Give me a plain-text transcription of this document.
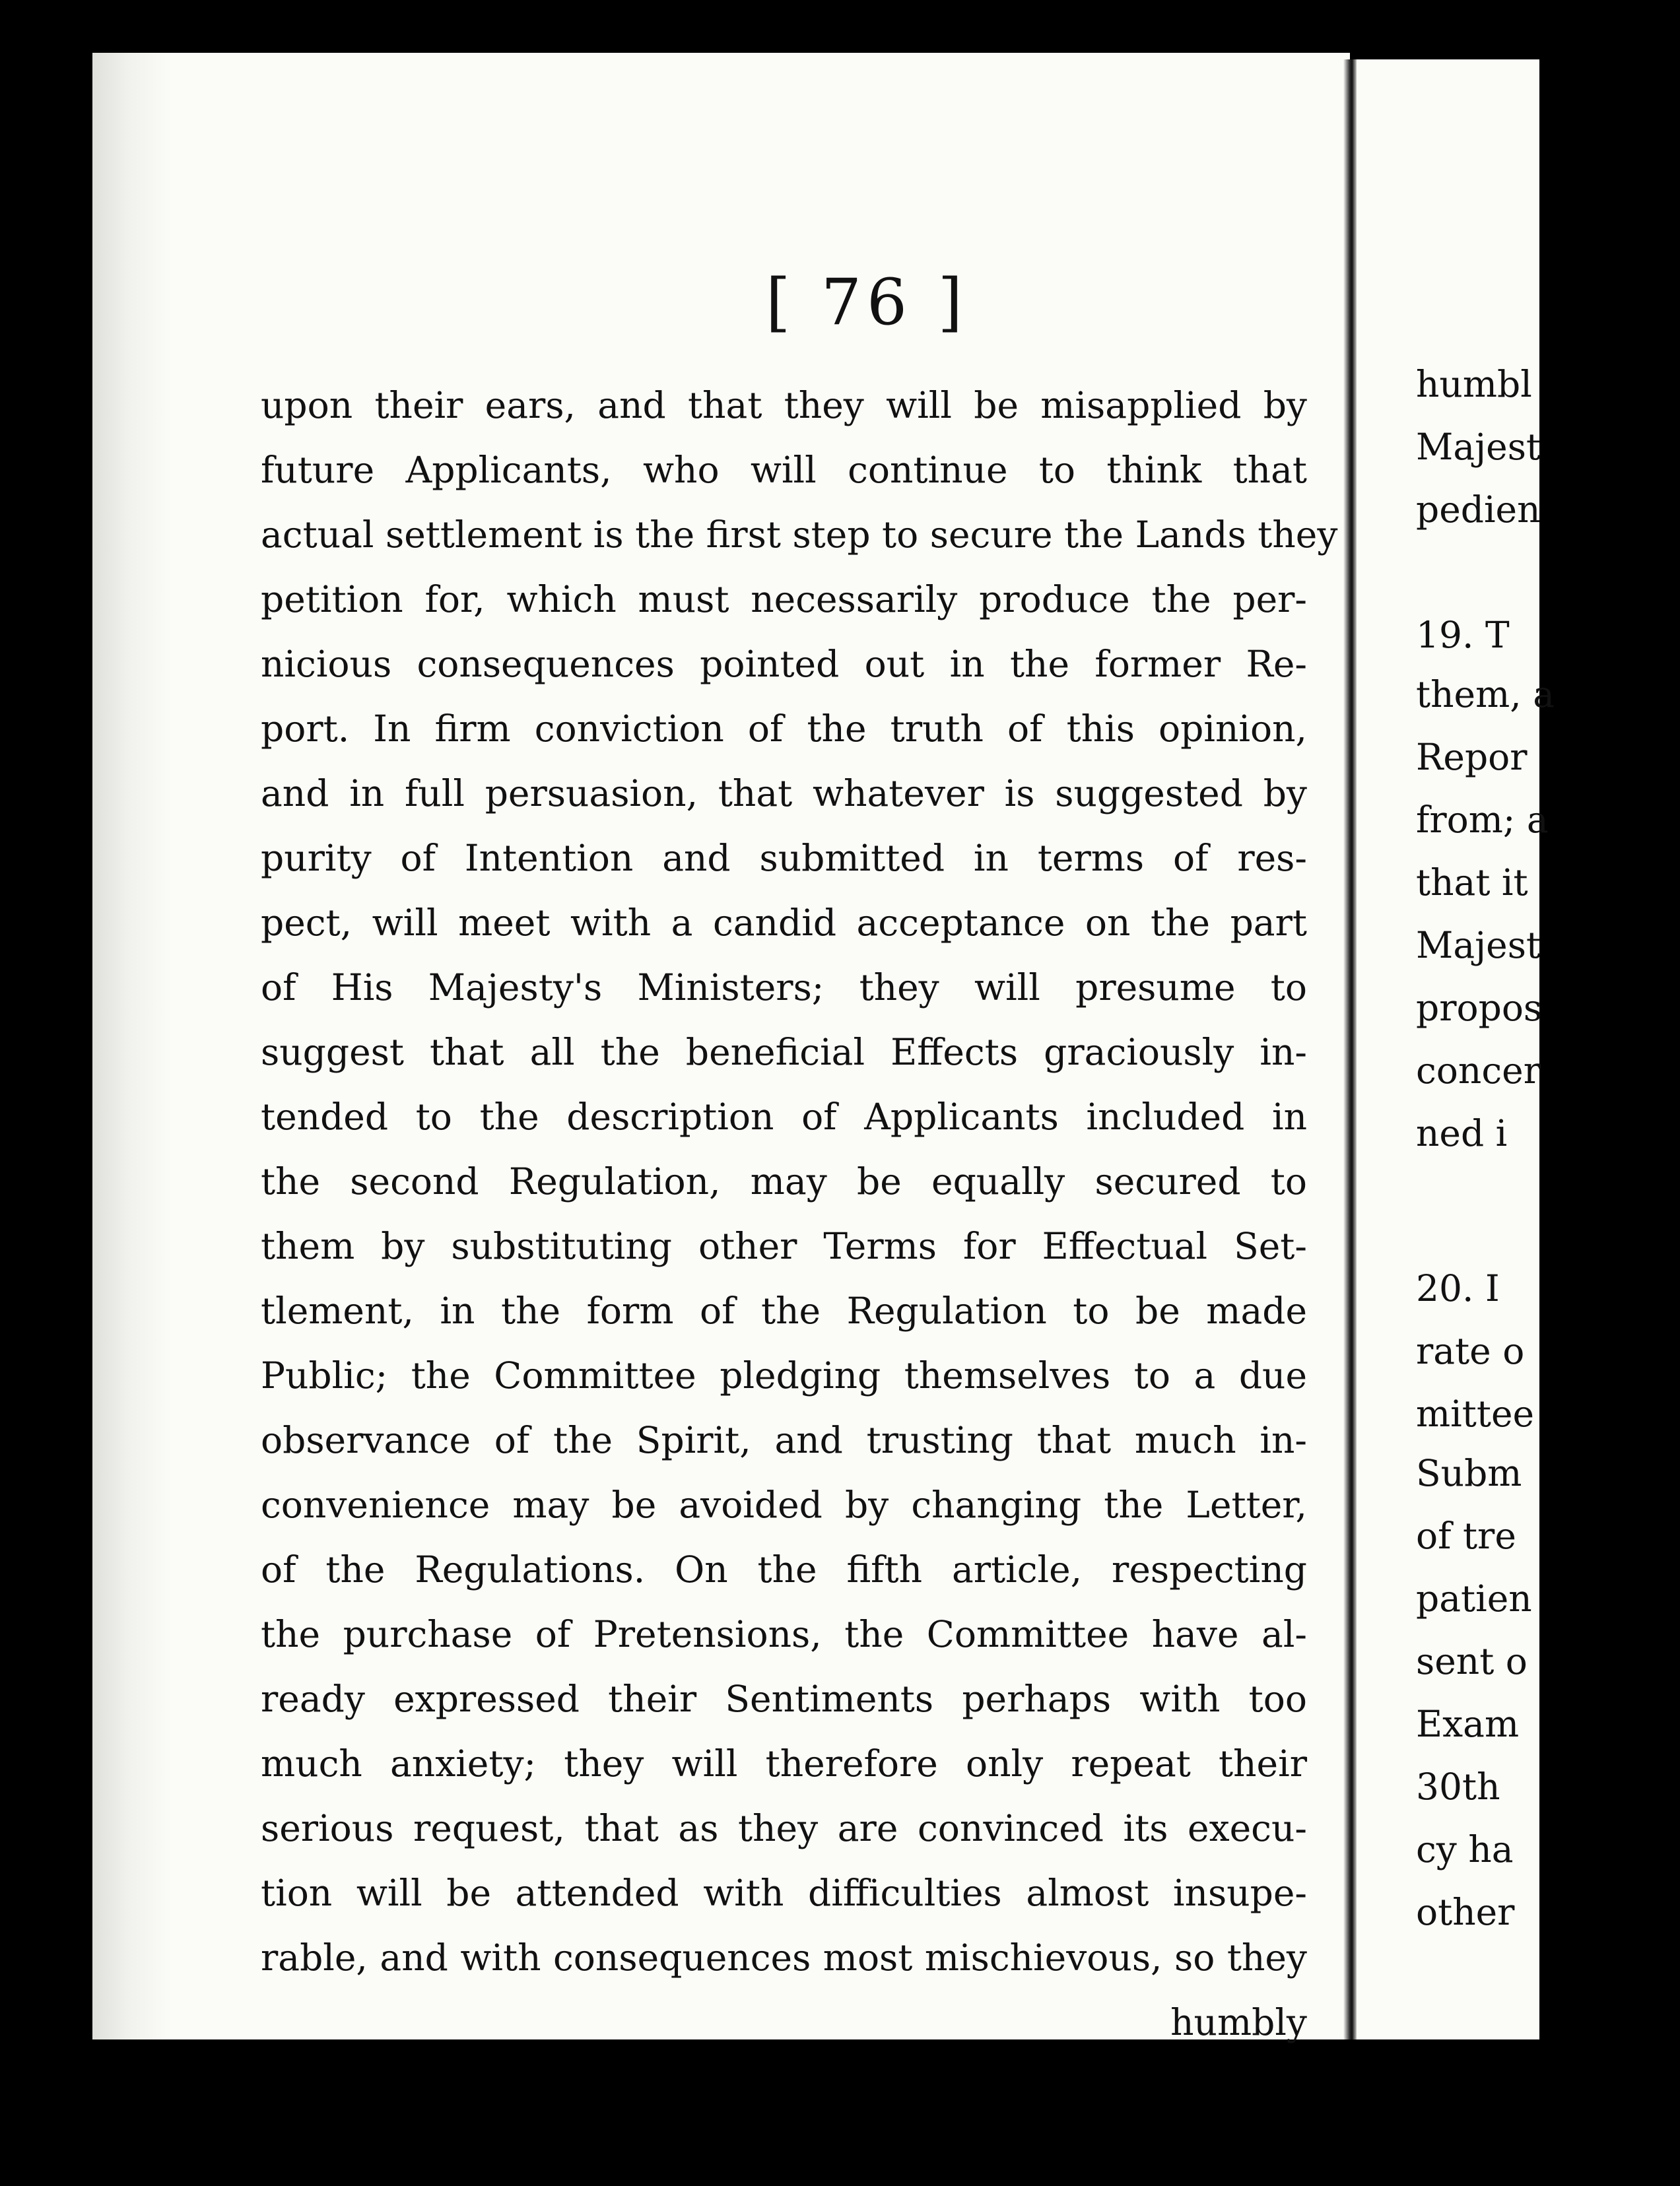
[ 76 ]
upon their ears, and that they will be misapplied by
future Applicants, who will continue to think that
actual settlement is the first step to secure the Lands they
petition for, which must necessarily produce the per-
nicious consequences pointed out in the former Re-
port. In firm conviction of the truth of this opinion,
and in full persuasion, that whatever is suggested by
purity of Intention and submitted in terms of res-
pect, will meet with a candid acceptance on the part
of His Majesty's Ministers; they will presume to
suggest that all the beneficial Effects graciously in-
tended to the description of Applicants included in
the second Regulation, may be equally secured to
them by substituting other Terms for Effectual Set-
tlement, in the form of the Regulation to be made
Public; the Committee pledging themselves to a due
observance of the Spirit, and trusting that much in-
convenience may be avoided by changing the Letter,
of the Regulations. On the fifth article, respecting
the purchase of Pretensions, the Committee have al-
ready expressed their Sentiments perhaps with too
much anxiety; they will therefore only repeat their
serious request, that as they are convinced its execu-
tion will be attended with difficulties almost insupe-
rable, and with consequences most mischievous, so they
humbly
humbl
Majest
pedien
19. T
them, a
Repor
from; a
that it
Majest
propos
concer
ned i
20. I
rate o
mittee
Subm
of tre
patien
sent o
Exam
30th
cy ha
other
